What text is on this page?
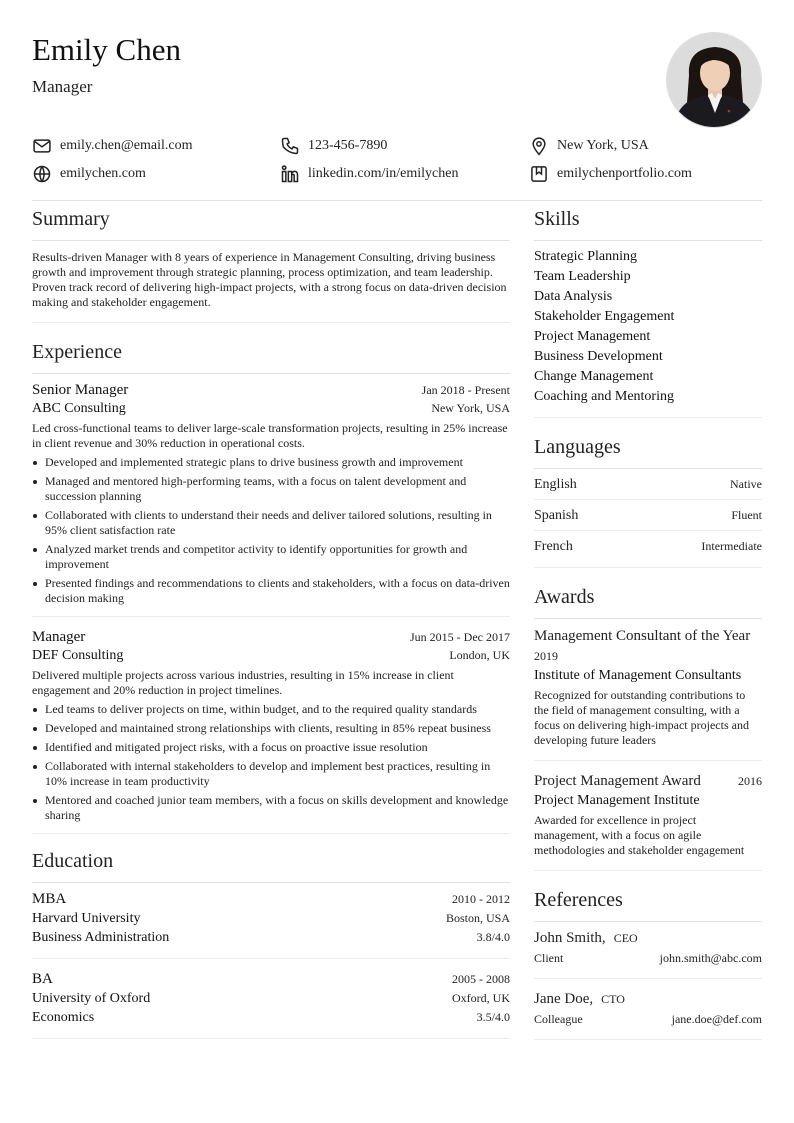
Emily Chen
Manager
emily.chen@email.com	123-456-7890	New York, USA
emilychen.com	linkedin.com/in/emilychen	emilychenportfolio.com
Summary

Results-driven Manager with 8 years of experience in Management Consulting, driving business growth and improvement through strategic planning, process optimization, and team leadership. Proven track record of delivering high-impact projects, with a strong focus on data-driven decision making and stakeholder engagement.

Experience
Senior Manager	Jan 2018 - Present
ABC Consulting	New York, USA

Led cross-functional teams to deliver large-scale transformation projects, resulting in 25% increase in client revenue and 30% reduction in operational costs.

Developed and implemented strategic plans to drive business growth and improvement
Managed and mentored high-performing teams, with a focus on talent development and succession planning
Collaborated with clients to understand their needs and deliver tailored solutions, resulting in 95% client satisfaction rate
Analyzed market trends and competitor activity to identify opportunities for growth and improvement
Presented findings and recommendations to clients and stakeholders, with a focus on data-driven decision making
Manager	Jun 2015 - Dec 2017
DEF Consulting	London, UK

Delivered multiple projects across various industries, resulting in 15% increase in client engagement and 20% reduction in project timelines.

Led teams to deliver projects on time, within budget, and to the required quality standards
Developed and maintained strong relationships with clients, resulting in 85% repeat business
Identified and mitigated project risks, with a focus on proactive issue resolution
Collaborated with internal stakeholders to develop and implement best practices, resulting in 10% increase in team productivity
Mentored and coached junior team members, with a focus on skills development and knowledge sharing
Education
MBA	2010 - 2012
Harvard University	Boston, USA
Business Administration	3.8/4.0
BA	2005 - 2008
University of Oxford	Oxford, UK
Economics	3.5/4.0
Skills
Strategic Planning
Team Leadership
Data Analysis
Stakeholder Engagement
Project Management
Business Development
Change Management
Coaching and Mentoring
Languages
English	Native
Spanish	Fluent
French	Intermediate
Awards
Management Consultant of the Year
2019
Institute of Management Consultants

Recognized for outstanding contributions to the field of management consulting, with a focus on delivering high-impact projects and developing future leaders

Project Management Award	2016
Project Management Institute

Awarded for excellence in project management, with a focus on agile methodologies and stakeholder engagement

References
John Smith, CEO
Client	john.smith@abc.com
Jane Doe, CTO
Colleague	jane.doe@def.com
